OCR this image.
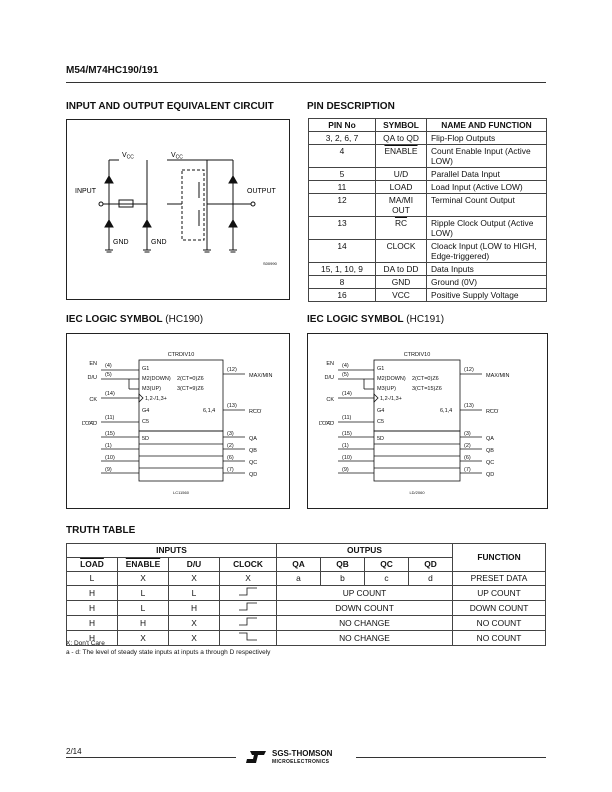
M54/M74HC190/191
INPUT AND OUTPUT EQUIVALENT CIRCUIT	PIN DESCRIPTION
$V_{CC}$	$V_{CC}$
INPUT	OUTPUT
GND	GND
S00990
PIN No	SYMBOL	NAME AND FUNCTION
3, 2, 6, 7	QA to QD	Flip-Flop Outputs
4	ENABLE	Count Enable Input (Active LOW)
5	U/D	Parallel Data Input
11	LOAD	Load Input (Active LOW)
12	MA/MI OUT	Terminal Count Output
13	$\overline{RC}$	Ripple Clock Output (Active LOW)
14	CLOCK	Cloack Input (LOW to HIGH, Edge-triggered)
15, 1, 10, 9	DA to DD	Data Inputs
8	GND	Ground (0V)
16	VCC	Positive Supply Voltage
IEC LOGIC SYMBOL (HC190)	IEC LOGIC SYMBOL (HC191)
EN
D/U
CK
LOAD
(4)
(5)
(14)
(11)
(15)
(1)
(10)
(9)
CTRDIV10
G1
M2(DOWN)
M3(UP)
1,2-/1,3+
G4
C5
5D
2(CT=0)Z6
3(CT=9)Z6
6,1,4
(12)
(13)
(3)
(2)
(6)
(7)
MAX/MIN
RCO
QA
QB
QC
QD
LC11560
EN
D/U
CK
LOAD
(4)
(5)
(14)
(11)
(15)
(1)
(10)
(9)
CTRDIV10
G1
M2(DOWN)
M3(UP)
1,2-/1,3+
G4
C5
5D
2(CT=0)Z6
3(CT=15)Z6
6,1,4
(12)
(13)
(3)
(2)
(6)
(7)
MAX/MIN
RCO
QA
QB
QC
QD
LD/2060
TRUTH TABLE
INPUTS				OUTPUS				FUNCTION
LOAD	ENABLE	D/U	CLOCK	QA	QB	QC	QD	
L	X	X	X	a	b	c	d	PRESET DATA
H	L	L		UP COUNT				UP COUNT
H	L	H		DOWN COUNT				DOWN COUNT
H	H	X		NO CHANGE				NO COUNT
H	X	X		NO CHANGE				NO COUNT
X: Don't Care
a - d: The level of steady state inputs at inputs a through D respectively
2/14	SGS-THOMSON
MICROELECTRONICS
